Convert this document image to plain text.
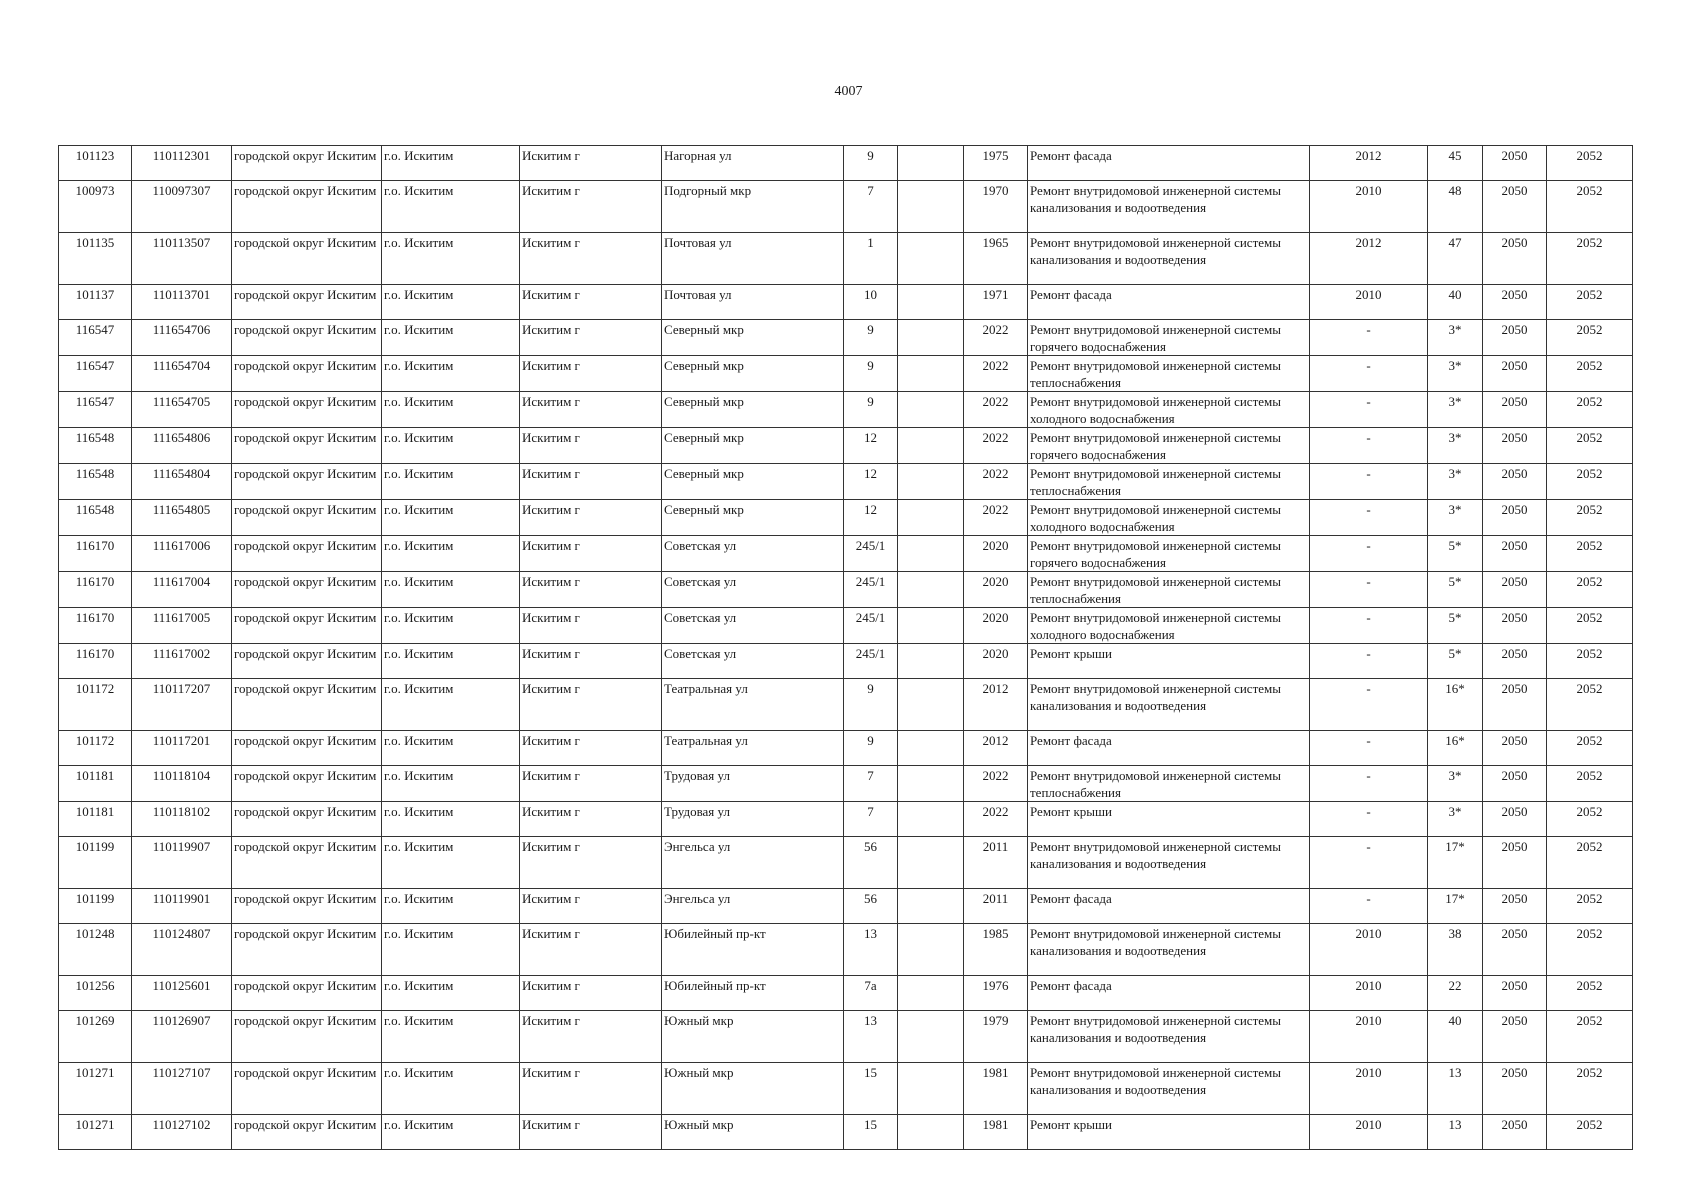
4007
101123	110112301	городской округ Искитим	г.о. Искитим	Искитим г	Нагорная ул	9		1975	Ремонт фасада	2012	45	2050	2052
100973	110097307	городской округ Искитим	г.о. Искитим	Искитим г	Подгорный мкр	7		1970	Ремонт внутридомовой инженерной системы канализования и водоотведения	2010	48	2050	2052
101135	110113507	городской округ Искитим	г.о. Искитим	Искитим г	Почтовая ул	1		1965	Ремонт внутридомовой инженерной системы канализования и водоотведения	2012	47	2050	2052
101137	110113701	городской округ Искитим	г.о. Искитим	Искитим г	Почтовая ул	10		1971	Ремонт фасада	2010	40	2050	2052
116547	111654706	городской округ Искитим	г.о. Искитим	Искитим г	Северный мкр	9		2022	Ремонт внутридомовой инженерной системы горячего водоснабжения	-	3*	2050	2052
116547	111654704	городской округ Искитим	г.о. Искитим	Искитим г	Северный мкр	9		2022	Ремонт внутридомовой инженерной системы теплоснабжения	-	3*	2050	2052
116547	111654705	городской округ Искитим	г.о. Искитим	Искитим г	Северный мкр	9		2022	Ремонт внутридомовой инженерной системы холодного водоснабжения	-	3*	2050	2052
116548	111654806	городской округ Искитим	г.о. Искитим	Искитим г	Северный мкр	12		2022	Ремонт внутридомовой инженерной системы горячего водоснабжения	-	3*	2050	2052
116548	111654804	городской округ Искитим	г.о. Искитим	Искитим г	Северный мкр	12		2022	Ремонт внутридомовой инженерной системы теплоснабжения	-	3*	2050	2052
116548	111654805	городской округ Искитим	г.о. Искитим	Искитим г	Северный мкр	12		2022	Ремонт внутридомовой инженерной системы холодного водоснабжения	-	3*	2050	2052
116170	111617006	городской округ Искитим	г.о. Искитим	Искитим г	Советская ул	245/1		2020	Ремонт внутридомовой инженерной системы горячего водоснабжения	-	5*	2050	2052
116170	111617004	городской округ Искитим	г.о. Искитим	Искитим г	Советская ул	245/1		2020	Ремонт внутридомовой инженерной системы теплоснабжения	-	5*	2050	2052
116170	111617005	городской округ Искитим	г.о. Искитим	Искитим г	Советская ул	245/1		2020	Ремонт внутридомовой инженерной системы холодного водоснабжения	-	5*	2050	2052
116170	111617002	городской округ Искитим	г.о. Искитим	Искитим г	Советская ул	245/1		2020	Ремонт крыши	-	5*	2050	2052
101172	110117207	городской округ Искитим	г.о. Искитим	Искитим г	Театральная ул	9		2012	Ремонт внутридомовой инженерной системы канализования и водоотведения	-	16*	2050	2052
101172	110117201	городской округ Искитим	г.о. Искитим	Искитим г	Театральная ул	9		2012	Ремонт фасада	-	16*	2050	2052
101181	110118104	городской округ Искитим	г.о. Искитим	Искитим г	Трудовая ул	7		2022	Ремонт внутридомовой инженерной системы теплоснабжения	-	3*	2050	2052
101181	110118102	городской округ Искитим	г.о. Искитим	Искитим г	Трудовая ул	7		2022	Ремонт крыши	-	3*	2050	2052
101199	110119907	городской округ Искитим	г.о. Искитим	Искитим г	Энгельса ул	56		2011	Ремонт внутридомовой инженерной системы канализования и водоотведения	-	17*	2050	2052
101199	110119901	городской округ Искитим	г.о. Искитим	Искитим г	Энгельса ул	56		2011	Ремонт фасада	-	17*	2050	2052
101248	110124807	городской округ Искитим	г.о. Искитим	Искитим г	Юбилейный пр-кт	13		1985	Ремонт внутридомовой инженерной системы канализования и водоотведения	2010	38	2050	2052
101256	110125601	городской округ Искитим	г.о. Искитим	Искитим г	Юбилейный пр-кт	7а		1976	Ремонт фасада	2010	22	2050	2052
101269	110126907	городской округ Искитим	г.о. Искитим	Искитим г	Южный мкр	13		1979	Ремонт внутридомовой инженерной системы канализования и водоотведения	2010	40	2050	2052
101271	110127107	городской округ Искитим	г.о. Искитим	Искитим г	Южный мкр	15		1981	Ремонт внутридомовой инженерной системы канализования и водоотведения	2010	13	2050	2052
101271	110127102	городской округ Искитим	г.о. Искитим	Искитим г	Южный мкр	15		1981	Ремонт крыши	2010	13	2050	2052
